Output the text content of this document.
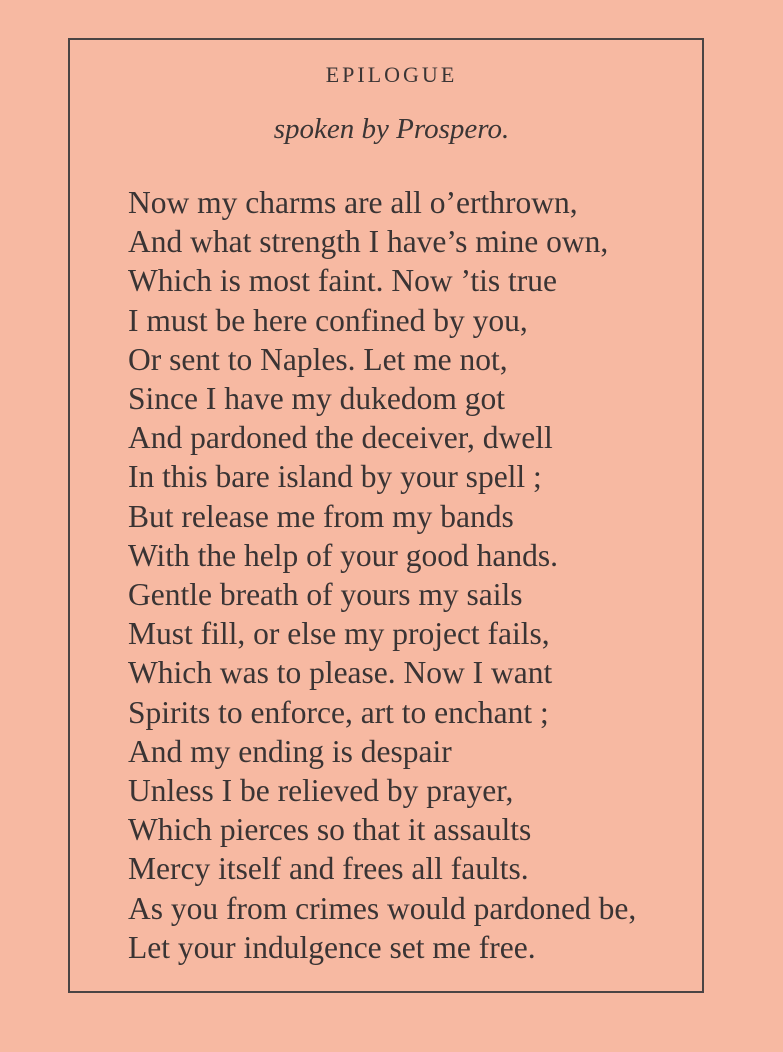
EPILOGUE
spoken by Prospero.
Now my charms are all o’erthrown,
And what strength I have’s mine own,
Which is most faint. Now ’tis true
I must be here confined by you,
Or sent to Naples. Let me not,
Since I have my dukedom got
And pardoned the deceiver, dwell
In this bare island by your spell ;
But release me from my bands
With the help of your good hands.
Gentle breath of yours my sails
Must fill, or else my project fails,
Which was to please. Now I want
Spirits to enforce, art to enchant ;
And my ending is despair
Unless I be relieved by prayer,
Which pierces so that it assaults
Mercy itself and frees all faults.
As you from crimes would pardoned be,
Let your indulgence set me free.
